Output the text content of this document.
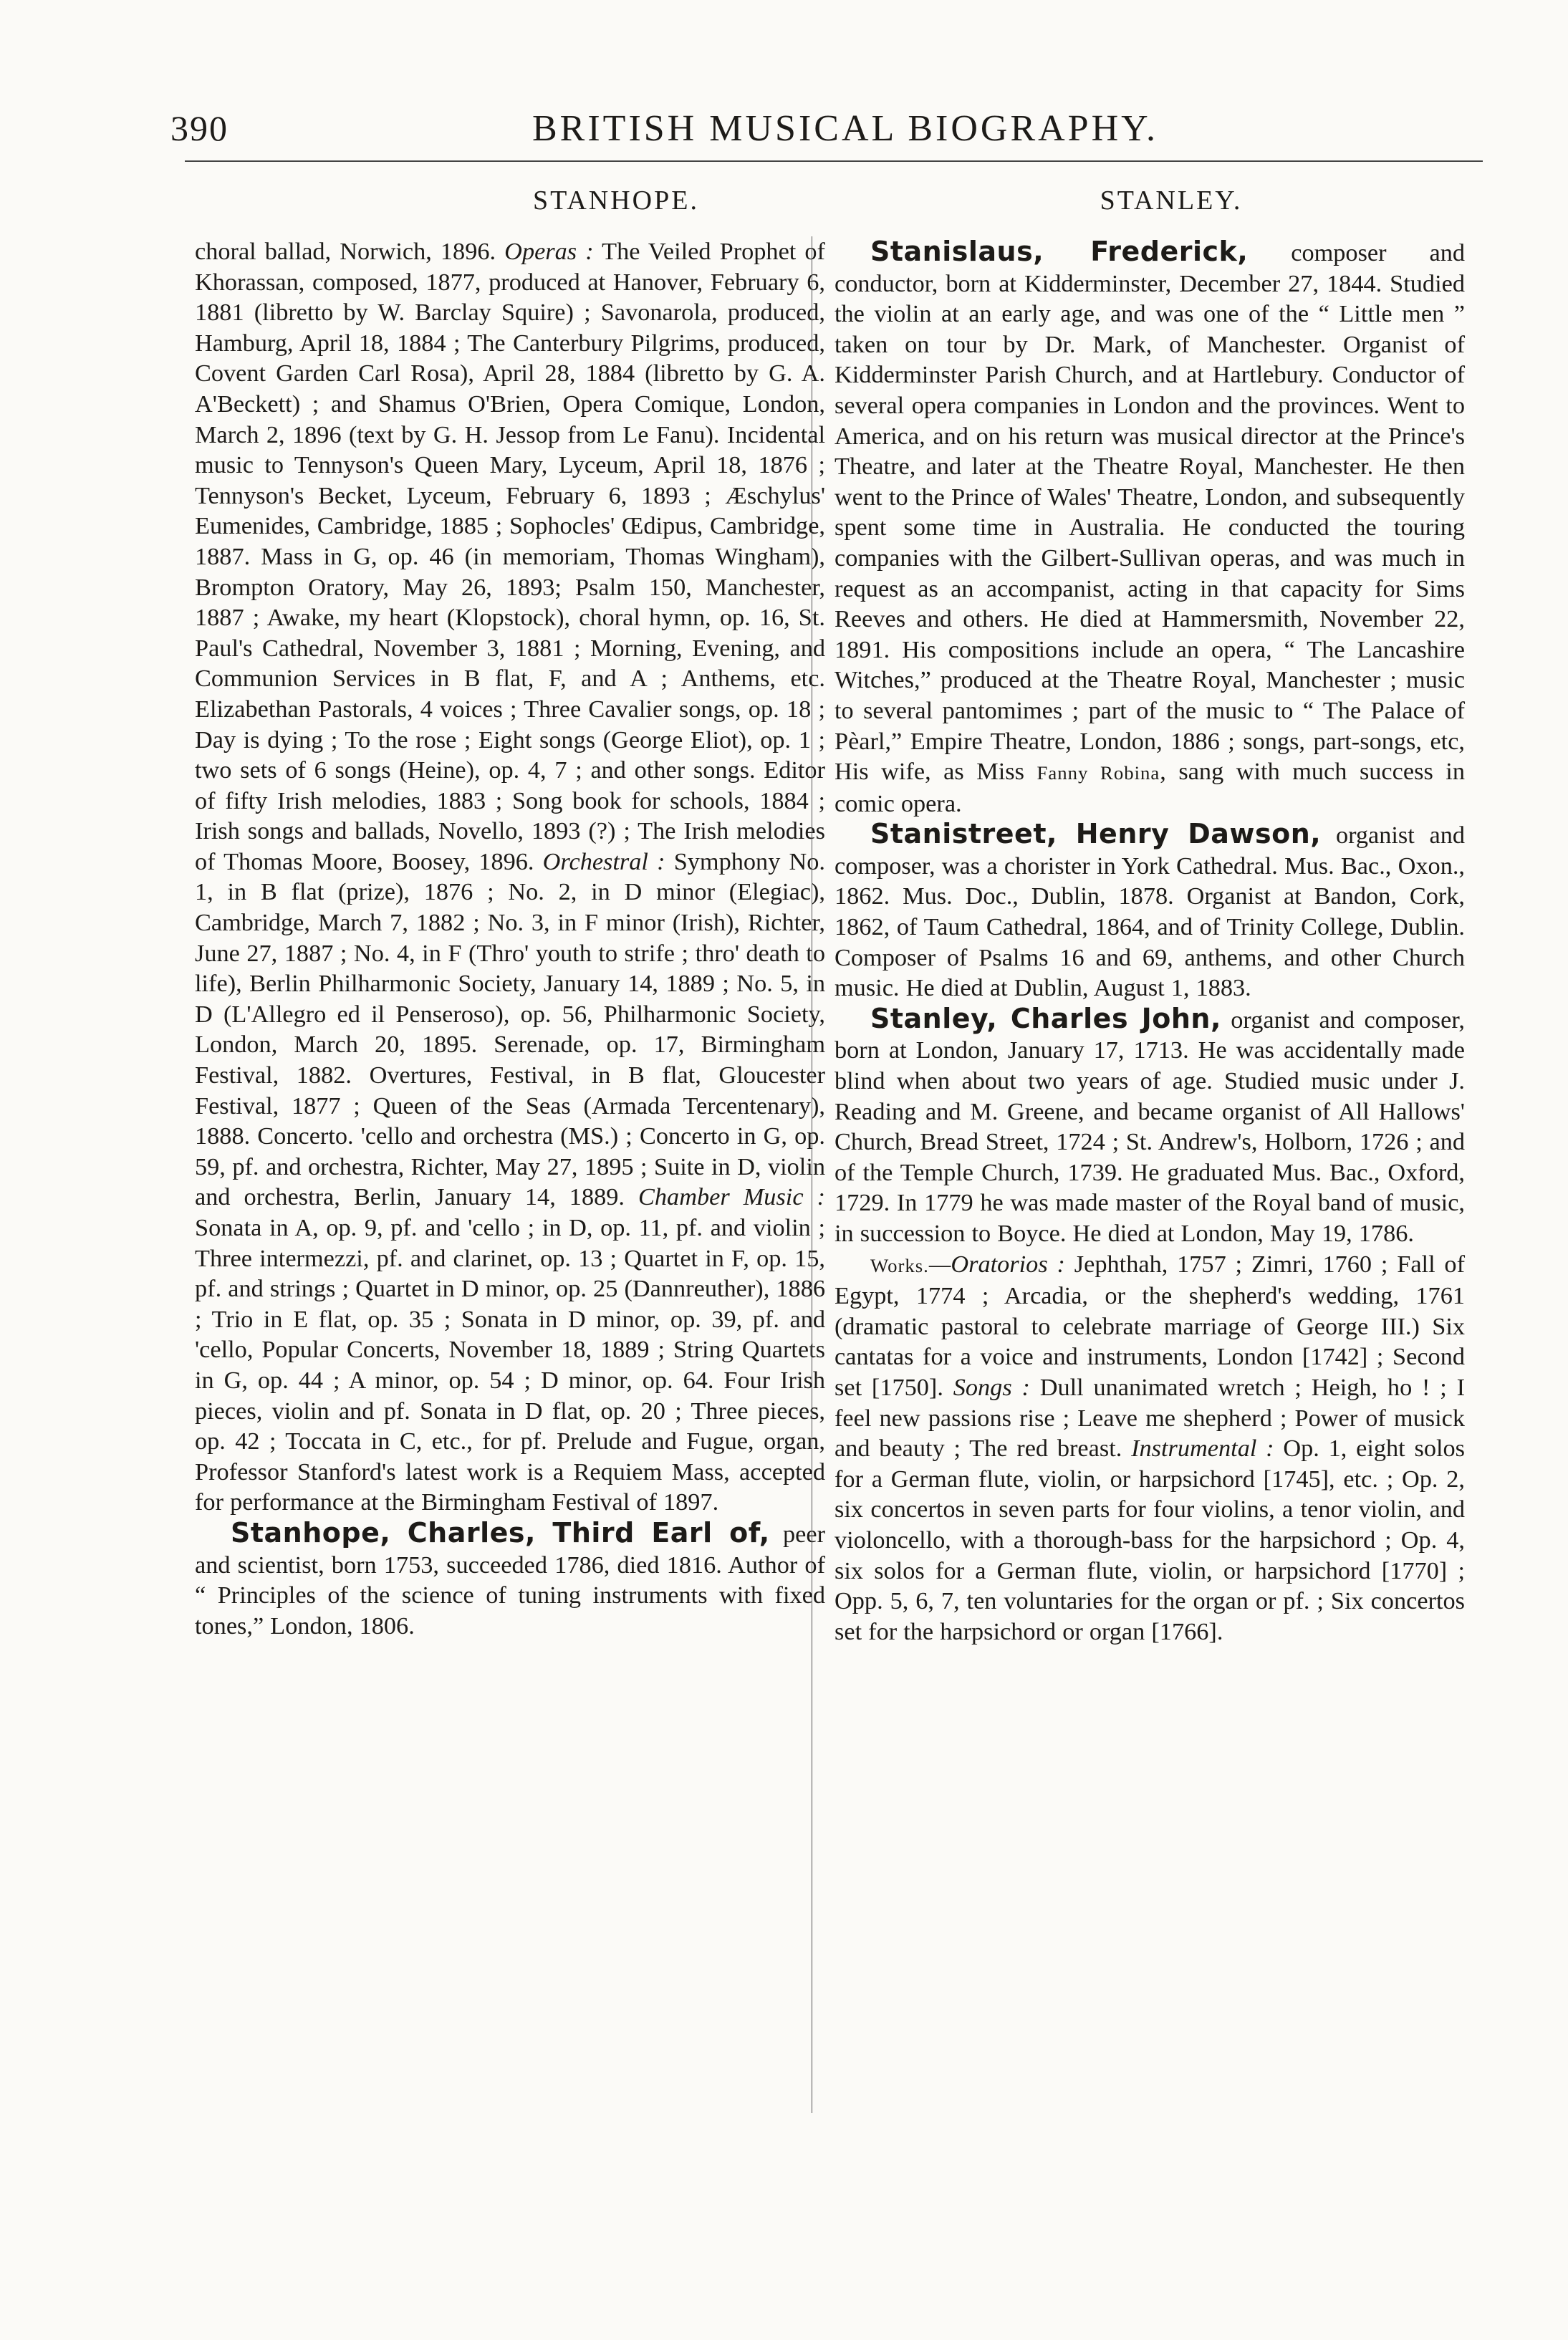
390	BRITISH MUSICAL BIOGRAPHY.
STANHOPE.	STANLEY.

choral ballad, Norwich, 1896. Operas : The Veiled Prophet of Khorassan, composed, 1877, produced at Hanover, February 6, 1881 (libretto by W. Barclay Squire) ; Savonarola, produced, Hamburg, April 18, 1884 ; The Canterbury Pilgrims, produced, Covent Garden Carl Rosa), April 28, 1884 (libretto by G. A. A'Beckett) ; and Shamus O'Brien, Opera Comique, London, March 2, 1896 (text by G. H. Jessop from Le Fanu). Incidental music to Tennyson's Queen Mary, Lyceum, April 18, 1876 ; Tennyson's Becket, Lyceum, February 6, 1893 ; Æschylus' Eumenides, Cambridge, 1885 ; Sophocles' Œdipus, Cambridge, 1887. Mass in G, op. 46 (in memoriam, Thomas Wingham), Brompton Oratory, May 26, 1893; Psalm 150, Manchester, 1887 ; Awake, my heart (Klopstock), choral hymn, op. 16, St. Paul's Cathedral, November 3, 1881 ; Morning, Evening, and Communion Services in B flat, F, and A ; Anthems, etc. Elizabethan Pastorals, 4 voices ; Three Cavalier songs, op. 18 ; Day is dying ; To the rose ; Eight songs (George Eliot), op. 1 ; two sets of 6 songs (Heine), op. 4, 7 ; and other songs. Editor of fifty Irish melodies, 1883 ; Song book for schools, 1884 ; Irish songs and ballads, Novello, 1893 (?) ; The Irish melodies of Thomas Moore, Boosey, 1896. Orchestral : Symphony No. 1, in B flat (prize), 1876 ; No. 2, in D minor (Elegiac), Cambridge, March 7, 1882 ; No. 3, in F minor (Irish), Richter, June 27, 1887 ; No. 4, in F (Thro' youth to strife ; thro' death to life), Berlin Philharmonic Society, January 14, 1889 ; No. 5, in D (L'Allegro ed il Penseroso), op. 56, Philharmonic Society, London, March 20, 1895. Serenade, op. 17, Birmingham Festival, 1882. Overtures, Festival, in B flat, Gloucester Festival, 1877 ; Queen of the Seas (Armada Tercentenary), 1888. Concerto. 'cello and orchestra (MS.) ; Concerto in G, op. 59, pf. and orchestra, Richter, May 27, 1895 ; Suite in D, violin and orchestra, Berlin, January 14, 1889. Chamber Music : Sonata in A, op. 9, pf. and 'cello ; in D, op. 11, pf. and violin ; Three intermezzi, pf. and clarinet, op. 13 ; Quartet in F, op. 15, pf. and strings ; Quartet in D minor, op. 25 (Dannreuther), 1886 ; Trio in E flat, op. 35 ; Sonata in D minor, op. 39, pf. and 'cello, Popular Concerts, November 18, 1889 ; String Quartets in G, op. 44 ; A minor, op. 54 ; D minor, op. 64. Four Irish pieces, violin and pf. Sonata in D flat, op. 20 ; Three pieces, op. 42 ; Toccata in C, etc., for pf. Prelude and Fugue, organ, Professor Stanford's latest work is a Requiem Mass, accepted for performance at the Birmingham Festival of 1897.

Stanhope, Charles, Third Earl of, peer and scientist, born 1753, succeeded 1786, died 1816. Author of “ Principles of the science of tuning instruments with fixed tones,” London, 1806.

Stanislaus, Frederick, composer and conductor, born at Kidderminster, December 27, 1844. Studied the violin at an early age, and was one of the “ Little men ” taken on tour by Dr. Mark, of Manchester. Organist of Kidderminster Parish Church, and at Hartlebury. Conductor of several opera companies in London and the provinces. Went to America, and on his return was musical director at the Prince's Theatre, and later at the Theatre Royal, Manchester. He then went to the Prince of Wales' Theatre, London, and subsequently spent some time in Australia. He conducted the touring companies with the Gilbert-Sullivan operas, and was much in request as an accompanist, acting in that capacity for Sims Reeves and others. He died at Hammersmith, November 22, 1891. His compositions include an opera, “ The Lancashire Witches,” produced at the Theatre Royal, Manchester ; music to several pantomimes ; part of the music to “ The Palace of Pèarl,” Empire Theatre, London, 1886 ; songs, part-songs, etc, His wife, as Miss Fanny Robina, sang with much success in comic opera.

Stanistreet, Henry Dawson, organist and composer, was a chorister in York Cathedral. Mus. Bac., Oxon., 1862. Mus. Doc., Dublin, 1878. Organist at Bandon, Cork, 1862, of Taum Cathedral, 1864, and of Trinity College, Dublin. Composer of Psalms 16 and 69, anthems, and other Church music. He died at Dublin, August 1, 1883.

Stanley, Charles John, organist and composer, born at London, January 17, 1713. He was accidentally made blind when about two years of age. Studied music under J. Reading and M. Greene, and became organist of All Hallows' Church, Bread Street, 1724 ; St. Andrew's, Holborn, 1726 ; and of the Temple Church, 1739. He graduated Mus. Bac., Oxford, 1729. In 1779 he was made master of the Royal band of music, in succession to Boyce. He died at London, May 19, 1786.

Works.—Oratorios : Jephthah, 1757 ; Zimri, 1760 ; Fall of Egypt, 1774 ; Arcadia, or the shepherd's wedding, 1761 (dramatic pastoral to celebrate marriage of George III.) Six cantatas for a voice and instruments, London [1742] ; Second set [1750]. Songs : Dull unanimated wretch ; Heigh, ho ! ; I feel new passions rise ; Leave me shepherd ; Power of musick and beauty ; The red breast. Instrumental : Op. 1, eight solos for a German flute, violin, or harpsichord [1745], etc. ; Op. 2, six concertos in seven parts for four violins, a tenor violin, and violoncello, with a thorough-bass for the harpsichord ; Op. 4, six solos for a German flute, violin, or harpsichord [1770] ; Opp. 5, 6, 7, ten voluntaries for the organ or pf. ; Six concertos set for the harpsichord or organ [1766].
